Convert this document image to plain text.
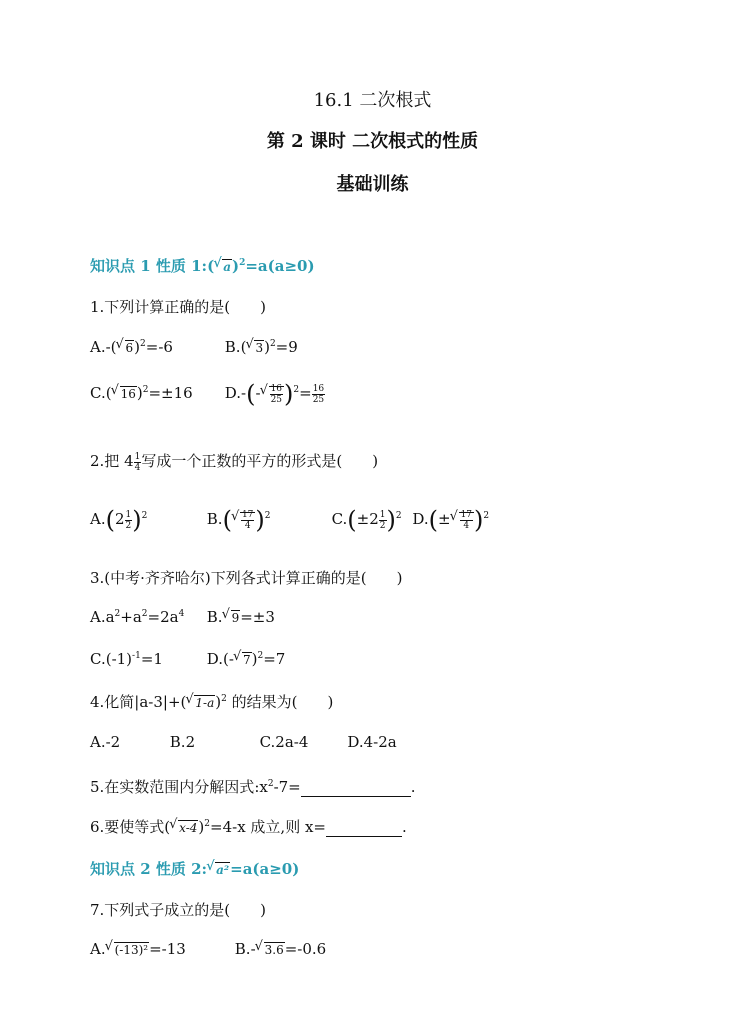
16.1 二次根式
第 2 课时 二次根式的性质
基础训练
知识点 1 性质 1:( √ a)$^2$=a(a≥0)
1.下列计算正确的是(　　)
A.-( √ 6)$^2$=-6	B.( √ 3)$^2$=9
C.( √ 16)$^2$=±16 D.-(- √ $\frac{16}{25} )^2= \frac{16}{25}$
2.把 $4 \frac{1}{4}$ 写成一个正数的平方的形式是(　　)
$A.(2 \frac{1}{2} )^2$	B.( √ $\frac{17}{4} )^2$	$C.(\pm 2 \frac{1}{2} )^2$ D.(± √ $\frac{17}{4} )^2$
3.(中考·齐齐哈尔)下列各式计算正确的是(　　)
$A.a^2+a^2=2a^4$ B. √ 9=±3
$C.(-1)^{-1}=1$	D.(- √ 7)$^2$=7
4.化简|a-3|+( √ 1-a)$^2$ 的结果为(　　)
A.-2	B.2	C.2a-4	D.4-2a
5.在实数范围内分解因式$:x^2-7=$	.
6.要使等式( √ x-4)$^2$=4-x 成立,则 x=	.
知识点 2 性质 2: √ a²=a(a≥0)
7.下列式子成立的是(　　)
A. √ (-13)²=-13	B.- √ 3.6=-0.6
